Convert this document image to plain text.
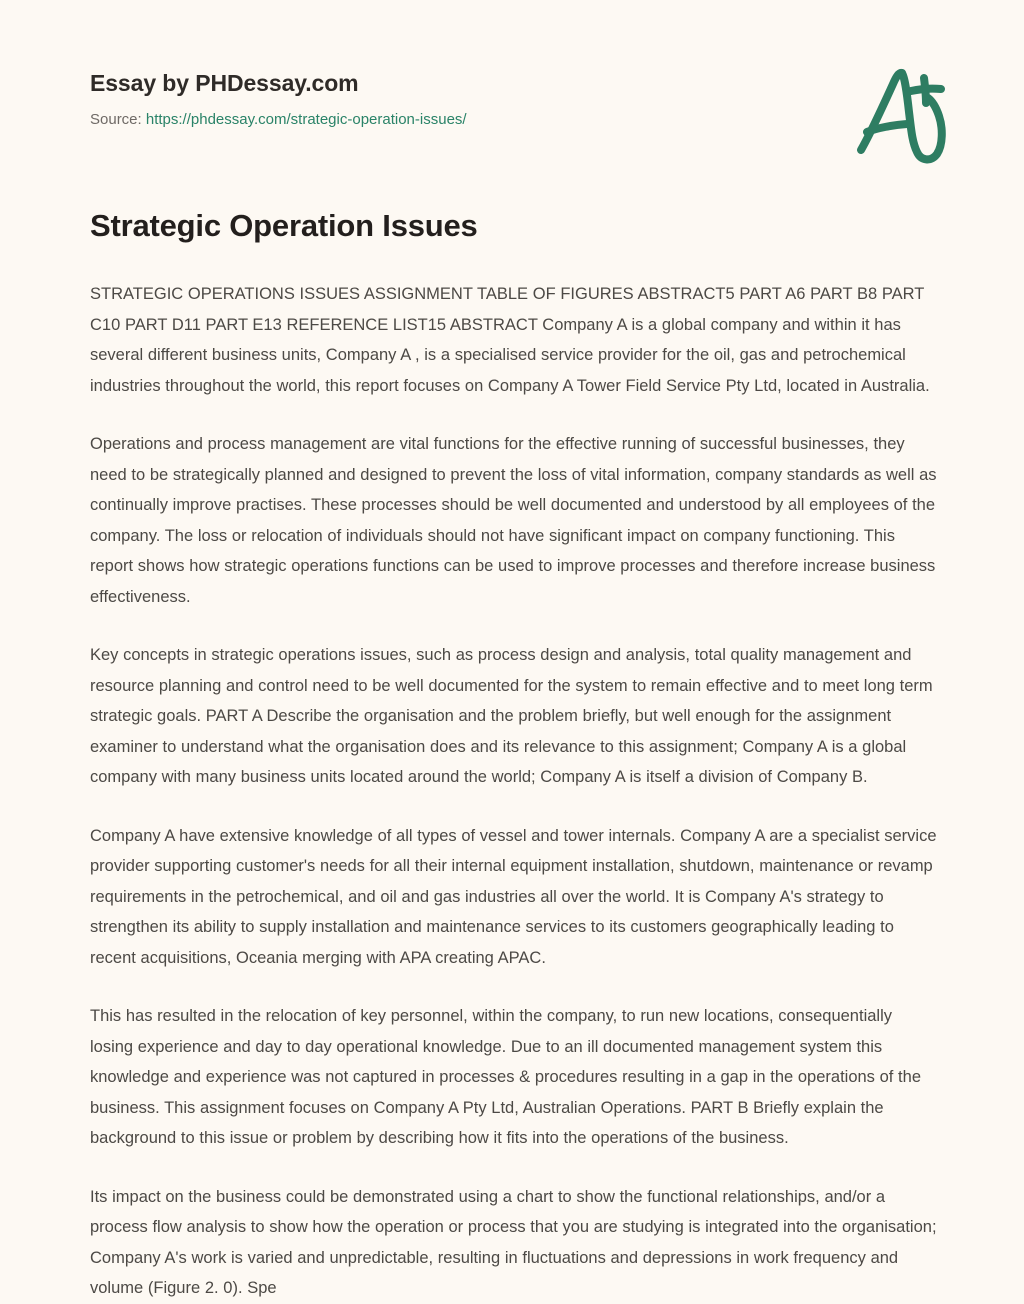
Essay by PHDessay.com
Source: https://phdessay.com/strategic-operation-issues/
Strategic Operation Issues

STRATEGIC OPERATIONS ISSUES ASSIGNMENT TABLE OF FIGURES ABSTRACT5 PART A6 PART B8 PART C10 PART D11 PART E13 REFERENCE LIST15 ABSTRACT Company A is a global company and within it has several different business units, Company A , is a specialised service provider for the oil, gas and petrochemical industries throughout the world, this report focuses on Company A Tower Field Service Pty Ltd, located in Australia.

Operations and process management are vital functions for the effective running of successful businesses, they need to be strategically planned and designed to prevent the loss of vital information, company standards as well as continually improve practises. These processes should be well documented and understood by all employees of the company. The loss or relocation of individuals should not have significant impact on company functioning. This report shows how strategic operations functions can be used to improve processes and therefore increase business effectiveness.

Key concepts in strategic operations issues, such as process design and analysis, total quality management and resource planning and control need to be well documented for the system to remain effective and to meet long term strategic goals. PART A Describe the organisation and the problem briefly, but well enough for the assignment examiner to understand what the organisation does and its relevance to this assignment; Company A is a global company with many business units located around the world; Company A is itself a division of Company B.

Company A have extensive knowledge of all types of vessel and tower internals. Company A are a specialist service provider supporting customer's needs for all their internal equipment installation, shutdown, maintenance or revamp requirements in the petrochemical, and oil and gas industries all over the world. It is Company A's strategy to strengthen its ability to supply installation and maintenance services to its customers geographically leading to recent acquisitions, Oceania merging with APA creating APAC.

This has resulted in the relocation of key personnel, within the company, to run new locations, consequentially losing experience and day to day operational knowledge. Due to an ill documented management system this knowledge and experience was not captured in processes & procedures resulting in a gap in the operations of the business. This assignment focuses on Company A Pty Ltd, Australian Operations. PART B Briefly explain the background to this issue or problem by describing how it fits into the operations of the business.

Its impact on the business could be demonstrated using a chart to show the functional relationships, and/or a process flow analysis to show how the operation or process that you are studying is integrated into the organisation; Company A's work is varied and unpredictable, resulting in fluctuations and depressions in work frequency and volume (Figure 2. 0). Spe
